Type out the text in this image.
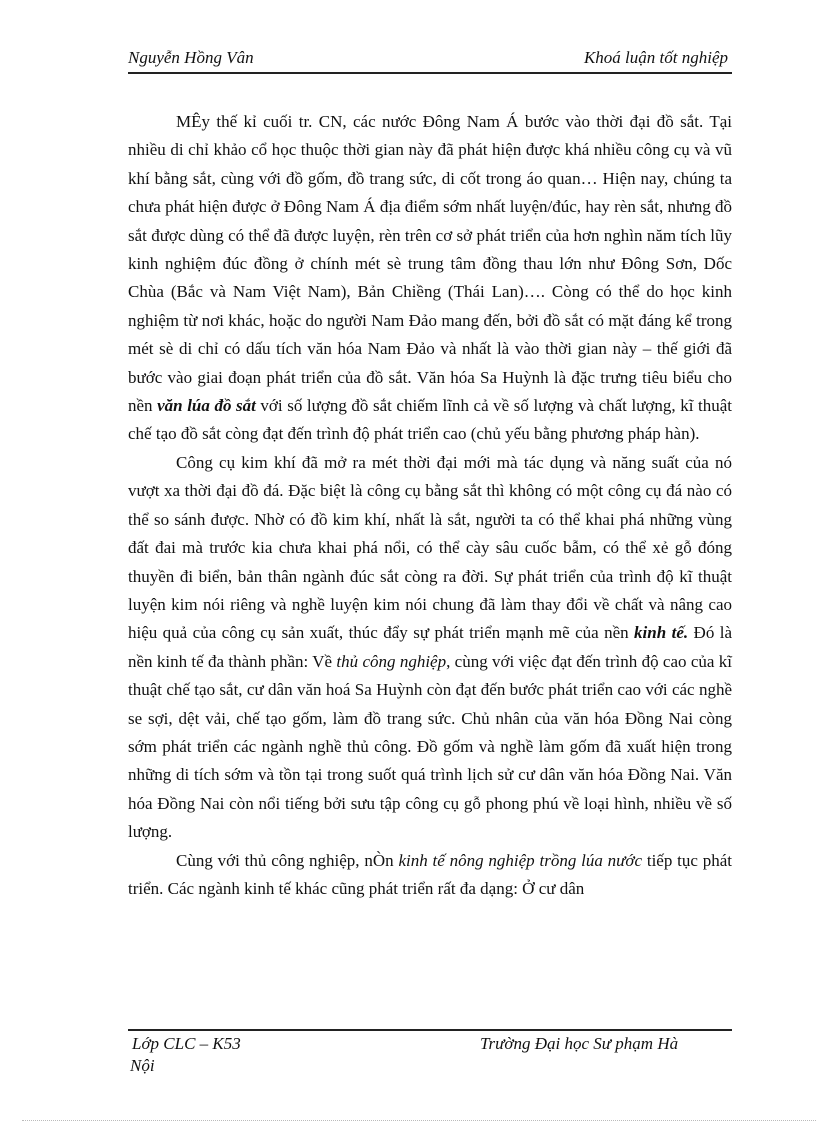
Nguyễn Hồng Vân	Khoá luận tốt nghiệp

MÊy thế kỉ cuối tr. CN, các nước Đông Nam Á bước vào thời đại đồ sắt. Tại nhiều di chỉ khảo cổ học thuộc thời gian này đã phát hiện được khá nhiều công cụ và vũ khí bằng sắt, cùng với đồ gốm, đồ trang sức, di cốt trong áo quan… Hiện nay, chúng ta chưa phát hiện được ở Đông Nam Á địa điểm sớm nhất luyện/đúc, hay rèn sắt, nhưng đồ sắt được dùng có thể đã được luyện, rèn trên cơ sở phát triển của hơn nghìn năm tích lũy kinh nghiệm đúc đồng ở chính mét sè trung tâm đồng thau lớn như Đông Sơn, Dốc Chùa (Bắc và Nam Việt Nam), Bản Chiềng (Thái Lan)…. Còng có thể do học kinh nghiệm từ nơi khác, hoặc do người Nam Đảo mang đến, bởi đồ sắt có mặt đáng kể trong mét sè di chỉ có dấu tích văn hóa Nam Đảo và nhất là vào thời gian này – thế giới đã bước vào giai đoạn phát triển của đồ sắt. Văn hóa Sa Huỳnh là đặc trưng tiêu biểu cho nền văn lúa đồ sắt với số lượng đồ sắt chiếm lĩnh cả về số lượng và chất lượng, kĩ thuật chế tạo đồ sắt còng đạt đến trình độ phát triển cao (chủ yếu bằng phương pháp hàn).

Công cụ kim khí đã mở ra mét thời đại mới mà tác dụng và năng suất của nó vượt xa thời đại đồ đá. Đặc biệt là công cụ bằng sắt thì không có một công cụ đá nào có thể so sánh được. Nhờ có đồ kim khí, nhất là sắt, người ta có thể khai phá những vùng đất đai mà trước kia chưa khai phá nổi, có thể cày sâu cuốc bẫm, có thể xẻ gỗ đóng thuyền đi biển, bản thân ngành đúc sắt còng ra đời. Sự phát triển của trình độ kĩ thuật luyện kim nói riêng và nghề luyện kim nói chung đã làm thay đổi về chất và nâng cao hiệu quả của công cụ sản xuất, thúc đẩy sự phát triển mạnh mẽ của nền kinh tế. Đó là nền kinh tế đa thành phần: Về thủ công nghiệp, cùng với việc đạt đến trình độ cao của kĩ thuật chế tạo sắt, cư dân văn hoá Sa Huỳnh còn đạt đến bước phát triển cao với các nghề se sợi, dệt vải, chế tạo gốm, làm đồ trang sức. Chủ nhân của văn hóa Đồng Nai còng sớm phát triển các ngành nghề thủ công. Đồ gốm và nghề làm gốm đã xuất hiện trong những di tích sớm và tồn tại trong suốt quá trình lịch sử cư dân văn hóa Đồng Nai. Văn hóa Đồng Nai còn nổi tiếng bởi sưu tập công cụ gỗ phong phú về loại hình, nhiều về số lượng.

Cùng với thủ công nghiệp, nÒn kinh tế nông nghiệp trồng lúa nước tiếp tục phát triển. Các ngành kinh tế khác cũng phát triển rất đa dạng: Ở cư dân

Lớp CLC – K53	Trường Đại học Sư phạm Hà
Nội
